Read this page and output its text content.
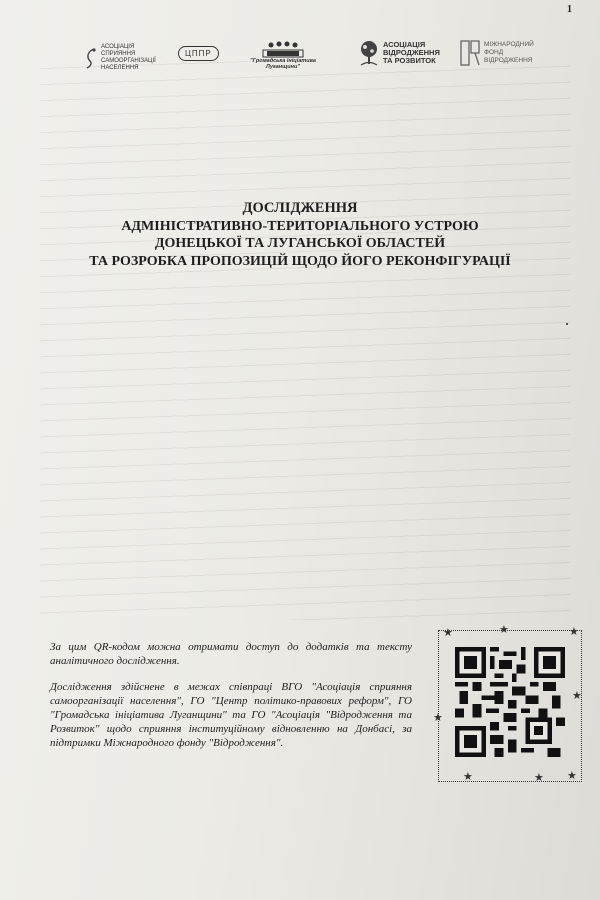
1
АСОЦІАЦІЯ
СПРИЯННЯ
САМООРГАНІЗАЦІЇ
НАСЕЛЕННЯ
ЦППР
"Громадська ініціатива
Луганщини"
АСОЦІАЦІЯ
ВІДРОДЖЕННЯ
ТА РОЗВИТОК
МІЖНАРОДНИЙ
ФОНД
ВІДРОДЖЕННЯ

ДОСЛІДЖЕННЯ

АДМІНІСТРАТИВНО-ТЕРИТОРІАЛЬНОГО УСТРОЮ

ДОНЕЦЬКОЇ ТА ЛУГАНСЬКОЇ ОБЛАСТЕЙ

ТА РОЗРОБКА ПРОПОЗИЦІЙ ЩОДО ЙОГО РЕКОНФІГУРАЦІЇ

За цим QR-кодом можна отримати доступ до додатків та тексту аналітичного дослідження.

Дослідження здійснене в межах співпраці ВГО "Асоціація сприяння самоорганізації населення", ГО "Центр політико-правових реформ", ГО "Громадська ініціатива Луганщини" та ГО "Асоціація "Відродження та Розвиток" щодо сприяння інституційному відновленню на Донбасі, за підтримки Міжнародного фонду "Відродження".

★	★	★
★
★
★	★ ★
